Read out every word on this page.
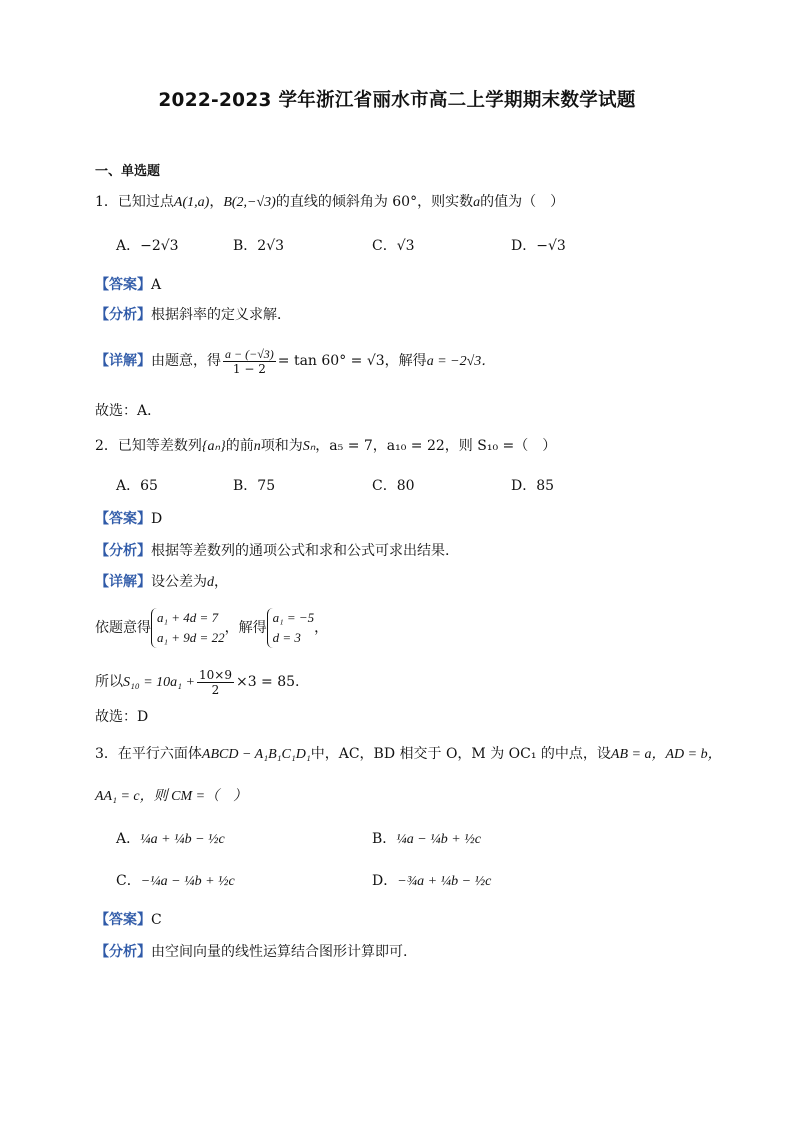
2022-2023 学年浙江省丽水市高二上学期期末数学试题
一、单选题
1．已知过点A(1,a)，B(2,−√3)的直线的倾斜角为 60°，则实数a的值为（　）
A．−2√3	B．2√3	C．√3	D．−√3
【答案】A
【分析】根据斜率的定义求解．
【详解】由题意，得 $\frac{a - (-√3)}{1 - 2} = \tan 60^\circ = √3$，解得a = −2√3．
故选：A．
2．已知等差数列{aₙ}的前n项和为Sₙ，a₅ = 7，a₁₀ = 22，则 S₁₀ =（　）
A．65	B．75	C．80	D．85
【答案】D
【分析】根据等差数列的通项公式和求和公式可求出结果.
【详解】设公差为d，
依题意得
a₁ + 4d = 7
a₁ + 9d = 22
，解得
a₁ = −5
d = 3
，
所以$S_{10} = 10a_1 + \frac{10\times 9}{2} \times 3 = 85$.
故选：D
3．在平行六面体ABCD − A₁B₁C₁D₁中，AC，BD 相交于 O，M 为 OC₁ 的中点，设AB = a，AD = b，
AA₁ = c，则 CM =（　）
A．¼a + ¼b − ½c	B．¼a − ¼b + ½c
C．−¼a − ¼b + ½c	D．−¾a + ¼b − ½c
【答案】C
【分析】由空间向量的线性运算结合图形计算即可.
